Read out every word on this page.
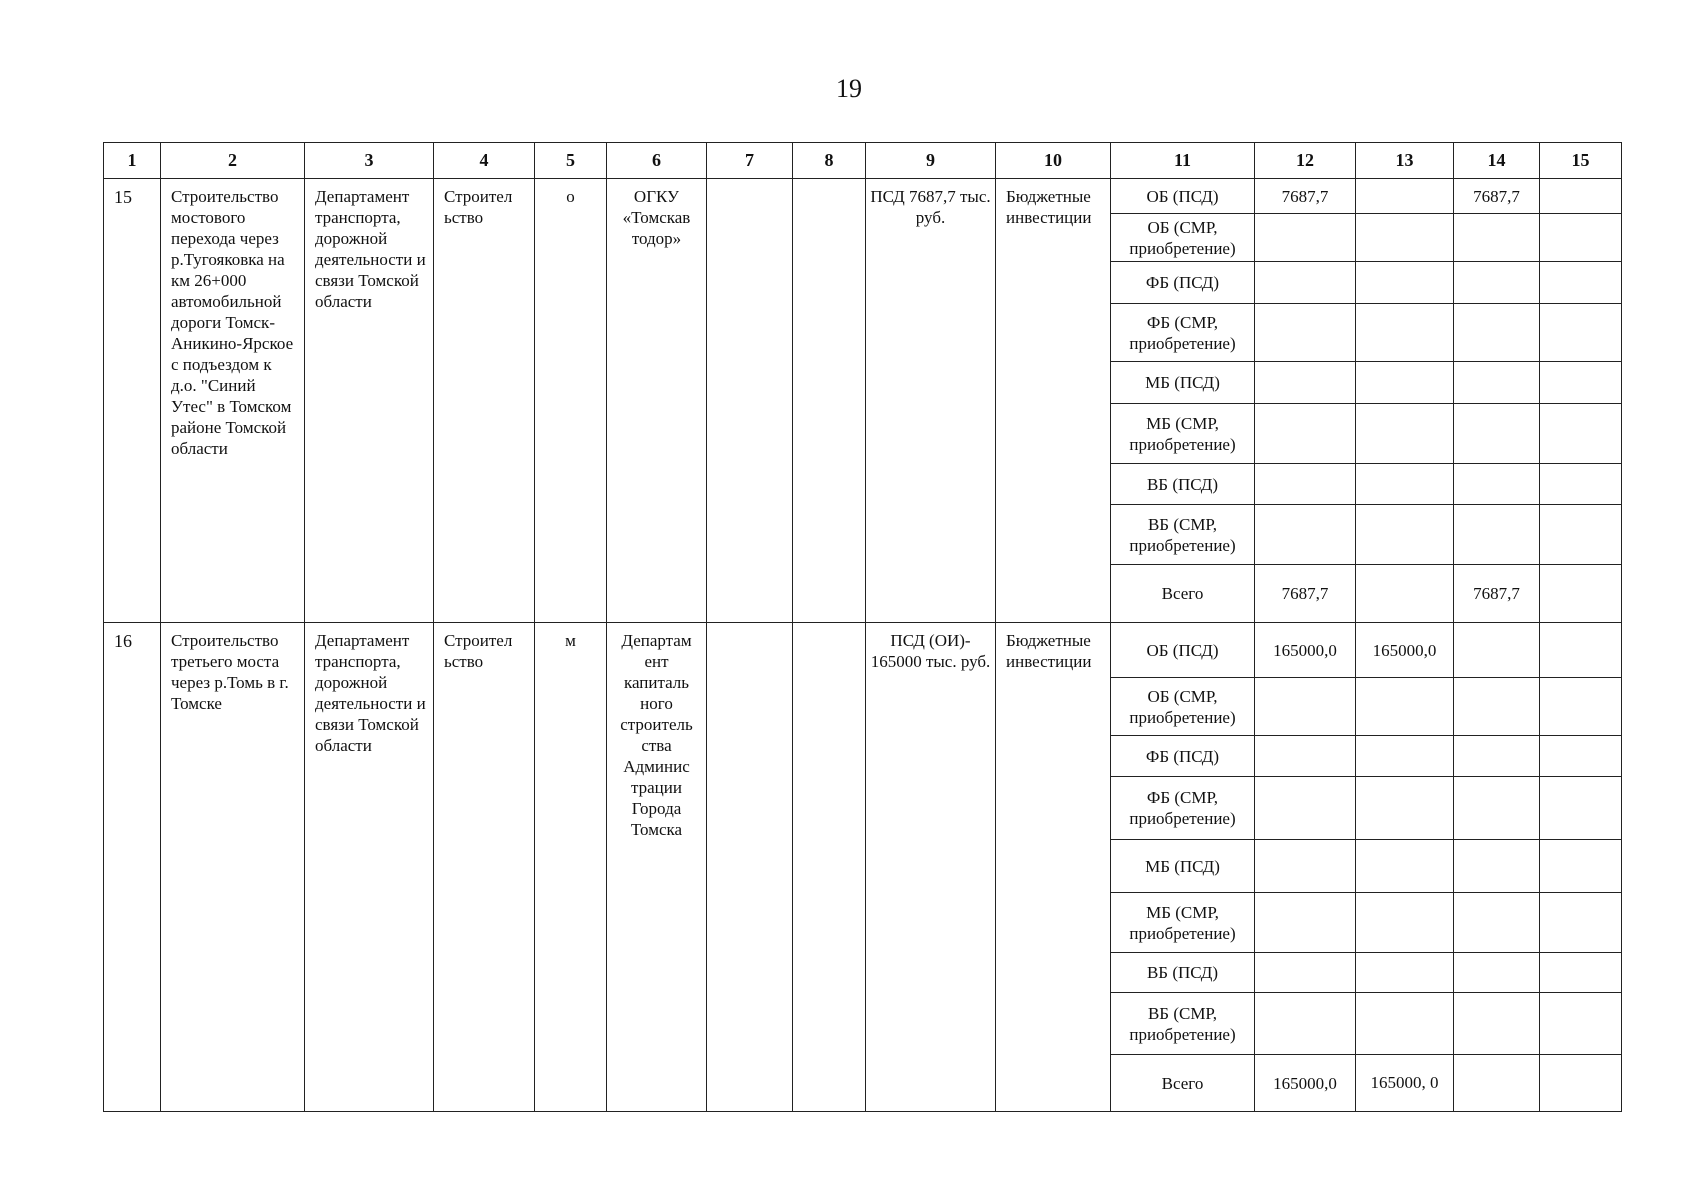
19
1	2	3	4	5	6	7	8	9	10	11	12	13	14	15
15	Строительство мостового перехода через р.Тугояковка на км 26+000 автомобильной дороги Томск-Аникино-Ярское с подъездом к д.о. "Синий Утес" в Томском районе Томской области	Департамент транспорта, дорожной деятельности и связи Томской области	Строител ьство	о	ОГКУ «Томскав тодор»			ПСД 7687,7 тыс. руб.	Бюджетные инвестиции	ОБ (ПСД)	7687,7		7687,7	
										ОБ (СМР, приобретение)				
										ФБ (ПСД)				
										ФБ (СМР, приобретение)				
										МБ (ПСД)				
										МБ (СМР, приобретение)				
										ВБ (ПСД)				
										ВБ (СМР, приобретение)				
										Всего	7687,7		7687,7	
16	Строительство третьего моста через р.Томь в г. Томске	Департамент транспорта, дорожной деятельности и связи Томской области	Строител ьство	м	Департам ент капиталь ного строитель ства Админис трации Города Томска			ПСД (ОИ)- 165000 тыс. руб.	Бюджетные инвестиции	ОБ (ПСД)	165000,0	165000,0		
										ОБ (СМР, приобретение)				
										ФБ (ПСД)				
										ФБ (СМР, приобретение)				
										МБ (ПСД)				
										МБ (СМР, приобретение)				
										ВБ (ПСД)				
										ВБ (СМР, приобретение)				
										Всего	165000,0	165000, 0		
